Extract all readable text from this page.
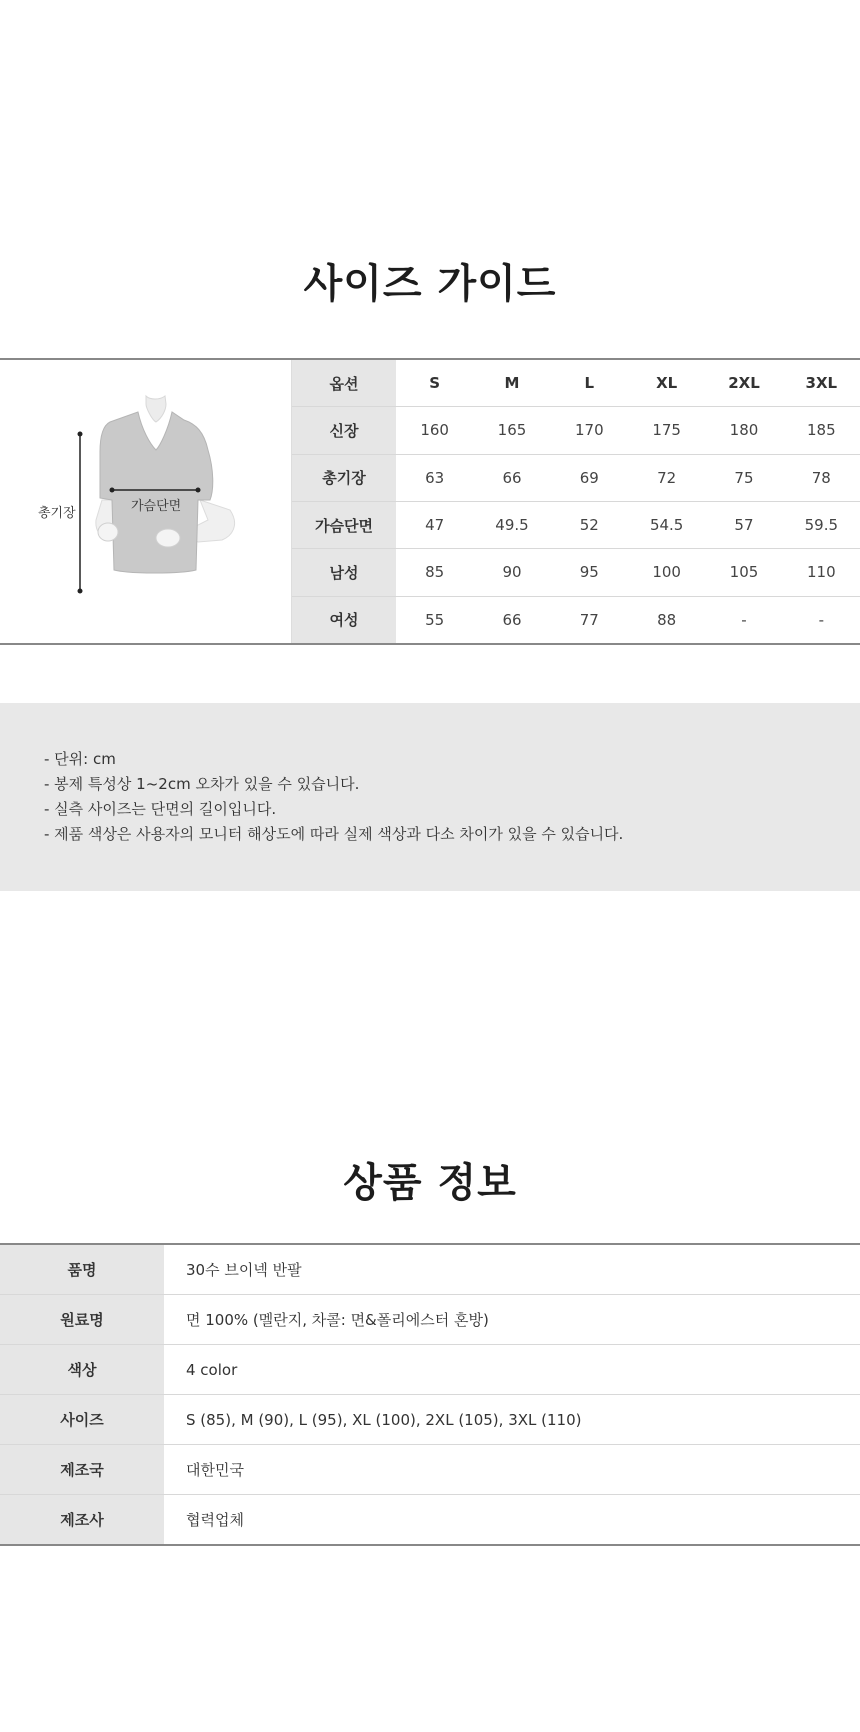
사이즈 가이드
총기장	가슴단면
옵션	S	M	L	XL	2XL	3XL
신장	160	165	170	175	180	185
총기장	63	66	69	72	75	78
가슴단면	47	49.5	52	54.5	57	59.5
남성	85	90	95	100	105	110
여성	55	66	77	88	-	-
- 단위: cm
- 봉제 특성상 1~2cm 오차가 있을 수 있습니다.
- 실측 사이즈는 단면의 길이입니다.
- 제품 색상은 사용자의 모니터 해상도에 따라 실제 색상과 다소 차이가 있을 수 있습니다.
상품 정보
품명	30수 브이넥 반팔
원료명	면 100% (멜란지, 차콜: 면&폴리에스터 혼방)
색상	4 color
사이즈	S (85), M (90), L (95), XL (100), 2XL (105), 3XL (110)
제조국	대한민국
제조사	협력업체
